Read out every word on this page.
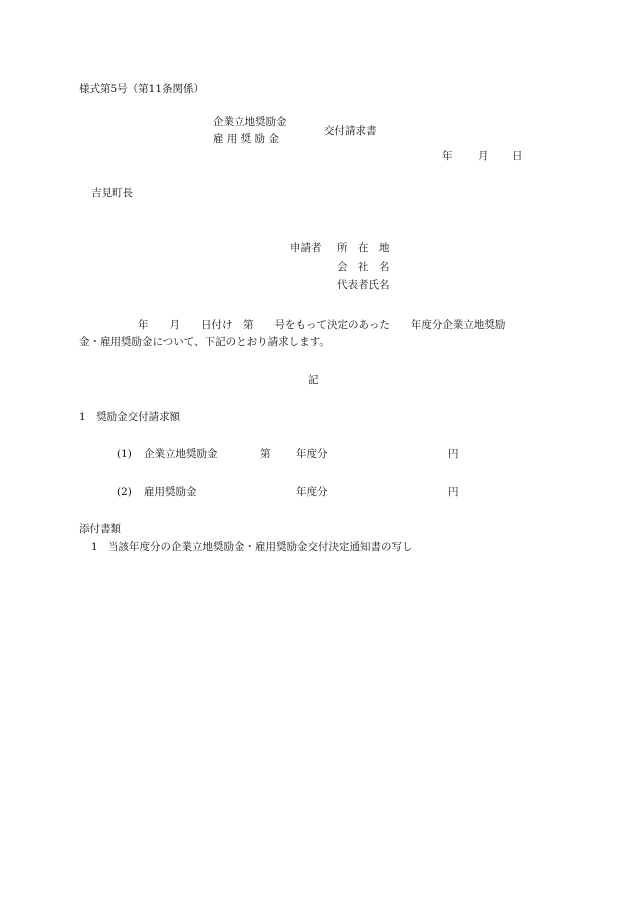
様式第5号（第11条関係）
企業立地奨励金
雇 用 奨 励 金
交付請求書
年 月 日
吉見町長
申請者 所　在　地
会　社　名
代表者氏名
年　　月　　日付け　第　　号をもって決定のあった　　年度分企業立地奨励
金・雇用奨励金について、下記のとおり請求します。
記
1　奨励金交付請求額
(1) 企業立地奨励金	第 年度分	円
(2) 雇用奨励金	年度分	円
添付書類
1 当該年度分の企業立地奨励金・雇用奨励金交付決定通知書の写し
